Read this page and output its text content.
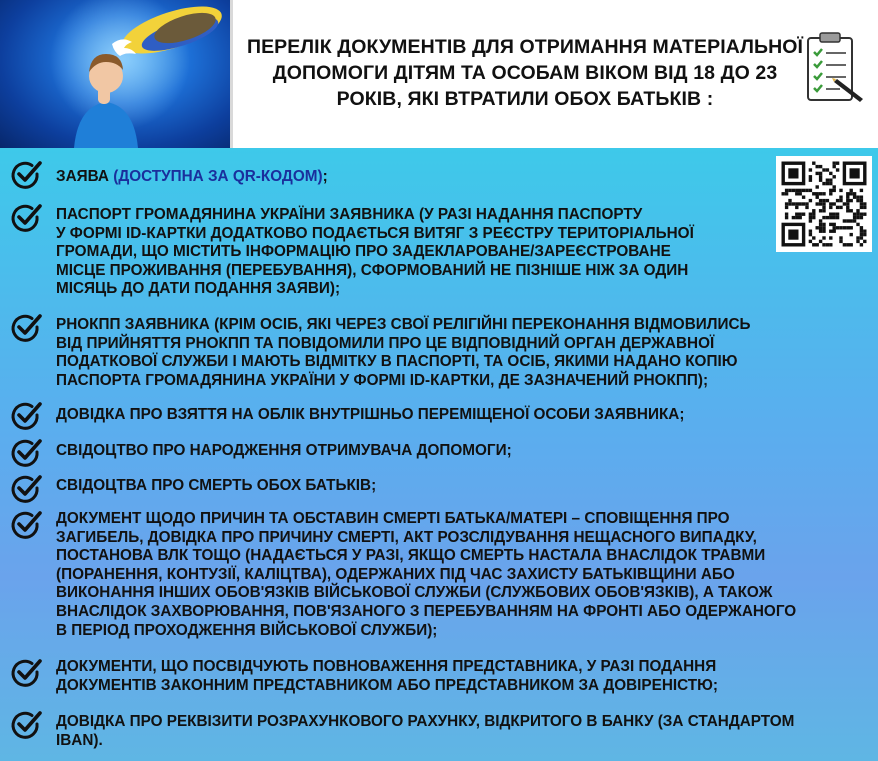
ПЕРЕЛІК ДОКУМЕНТІВ ДЛЯ ОТРИМАННЯ МАТЕРІАЛЬНОЇ
ДОПОМОГИ ДІТЯМ ТА ОСОБАМ ВІКОМ ВІД 18 ДО 23
РОКІВ, ЯКІ ВТРАТИЛИ ОБОХ БАТЬКІВ :
ЗАЯВА (ДОСТУПНА ЗА QR-КОДОМ);
ПАСПОРТ ГРОМАДЯНИНА УКРАЇНИ ЗАЯВНИКА (У РАЗІ НАДАННЯ ПАСПОРТУ
У ФОРМІ ID-КАРТКИ ДОДАТКОВО ПОДАЄТЬСЯ ВИТЯГ З РЕЄСТРУ ТЕРИТОРІАЛЬНОЇ
ГРОМАДИ, ЩО МІСТИТЬ ІНФОРМАЦІЮ ПРО ЗАДЕКЛАРОВАНЕ/ЗАРЕЄСТРОВАНЕ
МІСЦЕ ПРОЖИВАННЯ (ПЕРЕБУВАННЯ), СФОРМОВАНИЙ НЕ ПІЗНІШЕ НІЖ ЗА ОДИН
МІСЯЦЬ ДО ДАТИ ПОДАННЯ ЗАЯВИ);
РНОКПП ЗАЯВНИКА (КРІМ ОСІБ, ЯКІ ЧЕРЕЗ СВОЇ РЕЛІГІЙНІ ПЕРЕКОНАННЯ ВІДМОВИЛИСЬ
ВІД ПРИЙНЯТТЯ РНОКПП ТА ПОВІДОМИЛИ ПРО ЦЕ ВІДПОВІДНИЙ ОРГАН ДЕРЖАВНОЇ
ПОДАТКОВОЇ СЛУЖБИ І МАЮТЬ ВІДМІТКУ В ПАСПОРТІ, ТА ОСІБ, ЯКИМИ НАДАНО КОПІЮ
ПАСПОРТА ГРОМАДЯНИНА УКРАЇНИ У ФОРМІ ID-КАРТКИ, ДЕ ЗАЗНАЧЕНИЙ РНОКПП);
ДОВІДКА ПРО ВЗЯТТЯ НА ОБЛІК ВНУТРІШНЬО ПЕРЕМІЩЕНОЇ ОСОБИ ЗАЯВНИКА;
СВІДОЦТВО ПРО НАРОДЖЕННЯ ОТРИМУВАЧА ДОПОМОГИ;
СВІДОЦТВА ПРО СМЕРТЬ ОБОХ БАТЬКІВ;
ДОКУМЕНТ ЩОДО ПРИЧИН ТА ОБСТАВИН СМЕРТІ БАТЬКА/МАТЕРІ – СПОВІЩЕННЯ ПРО
ЗАГИБЕЛЬ, ДОВІДКА ПРО ПРИЧИНУ СМЕРТІ, АКТ РОЗСЛІДУВАННЯ НЕЩАСНОГО ВИПАДКУ,
ПОСТАНОВА ВЛК ТОЩО (НАДАЄТЬСЯ У РАЗІ, ЯКЩО СМЕРТЬ НАСТАЛА ВНАСЛІДОК ТРАВМИ
(ПОРАНЕННЯ, КОНТУЗІЇ, КАЛІЦТВА), ОДЕРЖАНИХ ПІД ЧАС ЗАХИСТУ БАТЬКІВЩИНИ АБО
ВИКОНАННЯ ІНШИХ ОБОВ'ЯЗКІВ ВІЙСЬКОВОЇ СЛУЖБИ (СЛУЖБОВИХ ОБОВ'ЯЗКІВ), А ТАКОЖ
ВНАСЛІДОК ЗАХВОРЮВАННЯ, ПОВ'ЯЗАНОГО З ПЕРЕБУВАННЯМ НА ФРОНТІ АБО ОДЕРЖАНОГО
В ПЕРІОД ПРОХОДЖЕННЯ ВІЙСЬКОВОЇ СЛУЖБИ);
ДОКУМЕНТИ, ЩО ПОСВІДЧУЮТЬ ПОВНОВАЖЕННЯ ПРЕДСТАВНИКА, У РАЗІ ПОДАННЯ
ДОКУМЕНТІВ ЗАКОННИМ ПРЕДСТАВНИКОМ АБО ПРЕДСТАВНИКОМ ЗА ДОВІРЕНІСТЮ;
ДОВІДКА ПРО РЕКВІЗИТИ РОЗРАХУНКОВОГО РАХУНКУ, ВІДКРИТОГО В БАНКУ (ЗА СТАНДАРТОМ
IBAN).
